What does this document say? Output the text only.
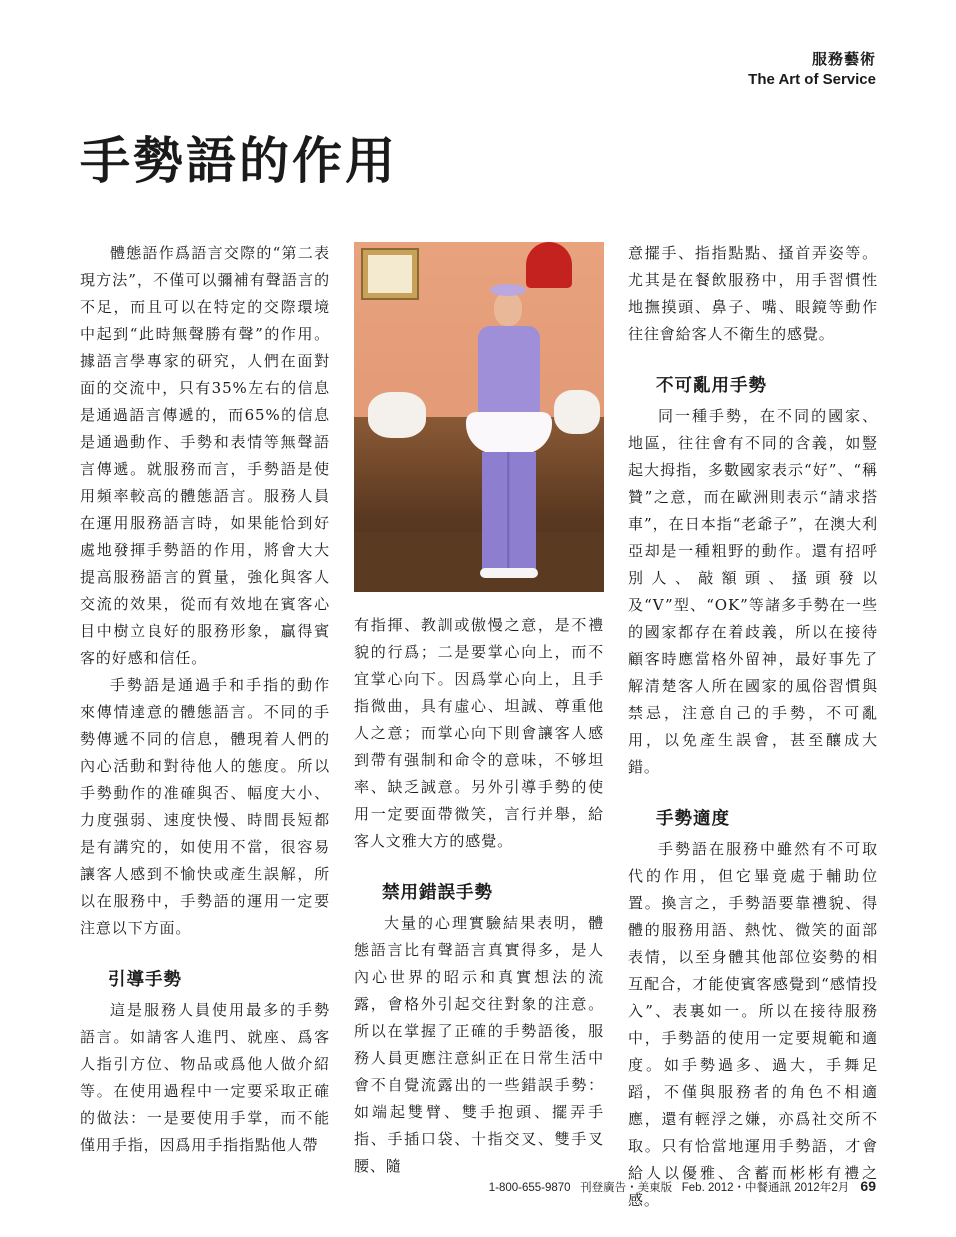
服務藝術
The Art of Service
手勢語的作用

體態語作爲語言交際的“第二表現方法”，不僅可以彌補有聲語言的不足，而且可以在特定的交際環境中起到“此時無聲勝有聲”的作用。據語言學專家的研究，人們在面對面的交流中，只有35%左右的信息是通過語言傳遞的，而65%的信息是通過動作、手勢和表情等無聲語言傳遞。就服務而言，手勢語是使用頻率較高的體態語言。服務人員在運用服務語言時，如果能恰到好處地發揮手勢語的作用，將會大大提高服務語言的質量，強化與客人交流的效果，從而有效地在賓客心目中樹立良好的服務形象，贏得賓客的好感和信任。

手勢語是通過手和手指的動作來傳情達意的體態語言。不同的手勢傳遞不同的信息，體現着人們的內心活動和對待他人的態度。所以手勢動作的准確與否、幅度大小、力度强弱、速度快慢、時間長短都是有講究的，如使用不當，很容易讓客人感到不愉快或產生誤解，所以在服務中，手勢語的運用一定要注意以下方面。

引導手勢

這是服務人員使用最多的手勢語言。如請客人進門、就座、爲客人指引方位、物品或爲他人做介紹等。在使用過程中一定要采取正確的做法：一是要使用手掌，而不能僅用手指，因爲用手指指點他人帶

有指揮、教訓或傲慢之意，是不禮貌的行爲；二是要掌心向上，而不宜掌心向下。因爲掌心向上，且手指微曲，具有虛心、坦誠、尊重他人之意；而掌心向下則會讓客人感到帶有强制和命令的意味，不够坦率、缺乏誠意。另外引導手勢的使用一定要面帶微笑，言行并舉，給客人文雅大方的感覺。

禁用錯誤手勢

大量的心理實驗結果表明，體態語言比有聲語言真實得多，是人內心世界的昭示和真實想法的流露，會格外引起交往對象的注意。所以在掌握了正確的手勢語後，服務人員更應注意糾正在日常生活中會不自覺流露出的一些錯誤手勢：如端起雙臂、雙手抱頭、擺弄手指、手插口袋、十指交叉、雙手叉腰、隨

意擺手、指指點點、搔首弄姿等。尤其是在餐飲服務中，用手習慣性地撫摸頭、鼻子、嘴、眼鏡等動作往往會給客人不衛生的感覺。

不可亂用手勢

同一種手勢，在不同的國家、地區，往往會有不同的含義，如豎起大拇指，多數國家表示“好”、“稱贊”之意，而在歐洲則表示“請求搭車”，在日本指“老爺子”，在澳大利亞却是一種粗野的動作。還有招呼別人、敲額頭、搔頭發以及“V”型、“OK”等諸多手勢在一些的國家都存在着歧義，所以在接待顧客時應當格外留神，最好事先了解清楚客人所在國家的風俗習慣與禁忌，注意自己的手勢，不可亂用，以免產生誤會，甚至釀成大錯。

手勢適度

手勢語在服務中雖然有不可取代的作用，但它畢竟處于輔助位置。換言之，手勢語要靠禮貌、得體的服務用語、熱忱、微笑的面部表情，以至身體其他部位姿勢的相互配合，才能使賓客感覺到“感情投入”、表裏如一。所以在接待服務中，手勢語的使用一定要規範和適度。如手勢過多、過大，手舞足蹈，不僅與服務者的角色不相適應，還有輕浮之嫌，亦爲社交所不取。只有恰當地運用手勢語，才會給人以優雅、含蓄而彬彬有禮之感。

1-800-655-9870 刊登廣告・美東版 Feb. 2012・中餐通訊 2012年2月 69
